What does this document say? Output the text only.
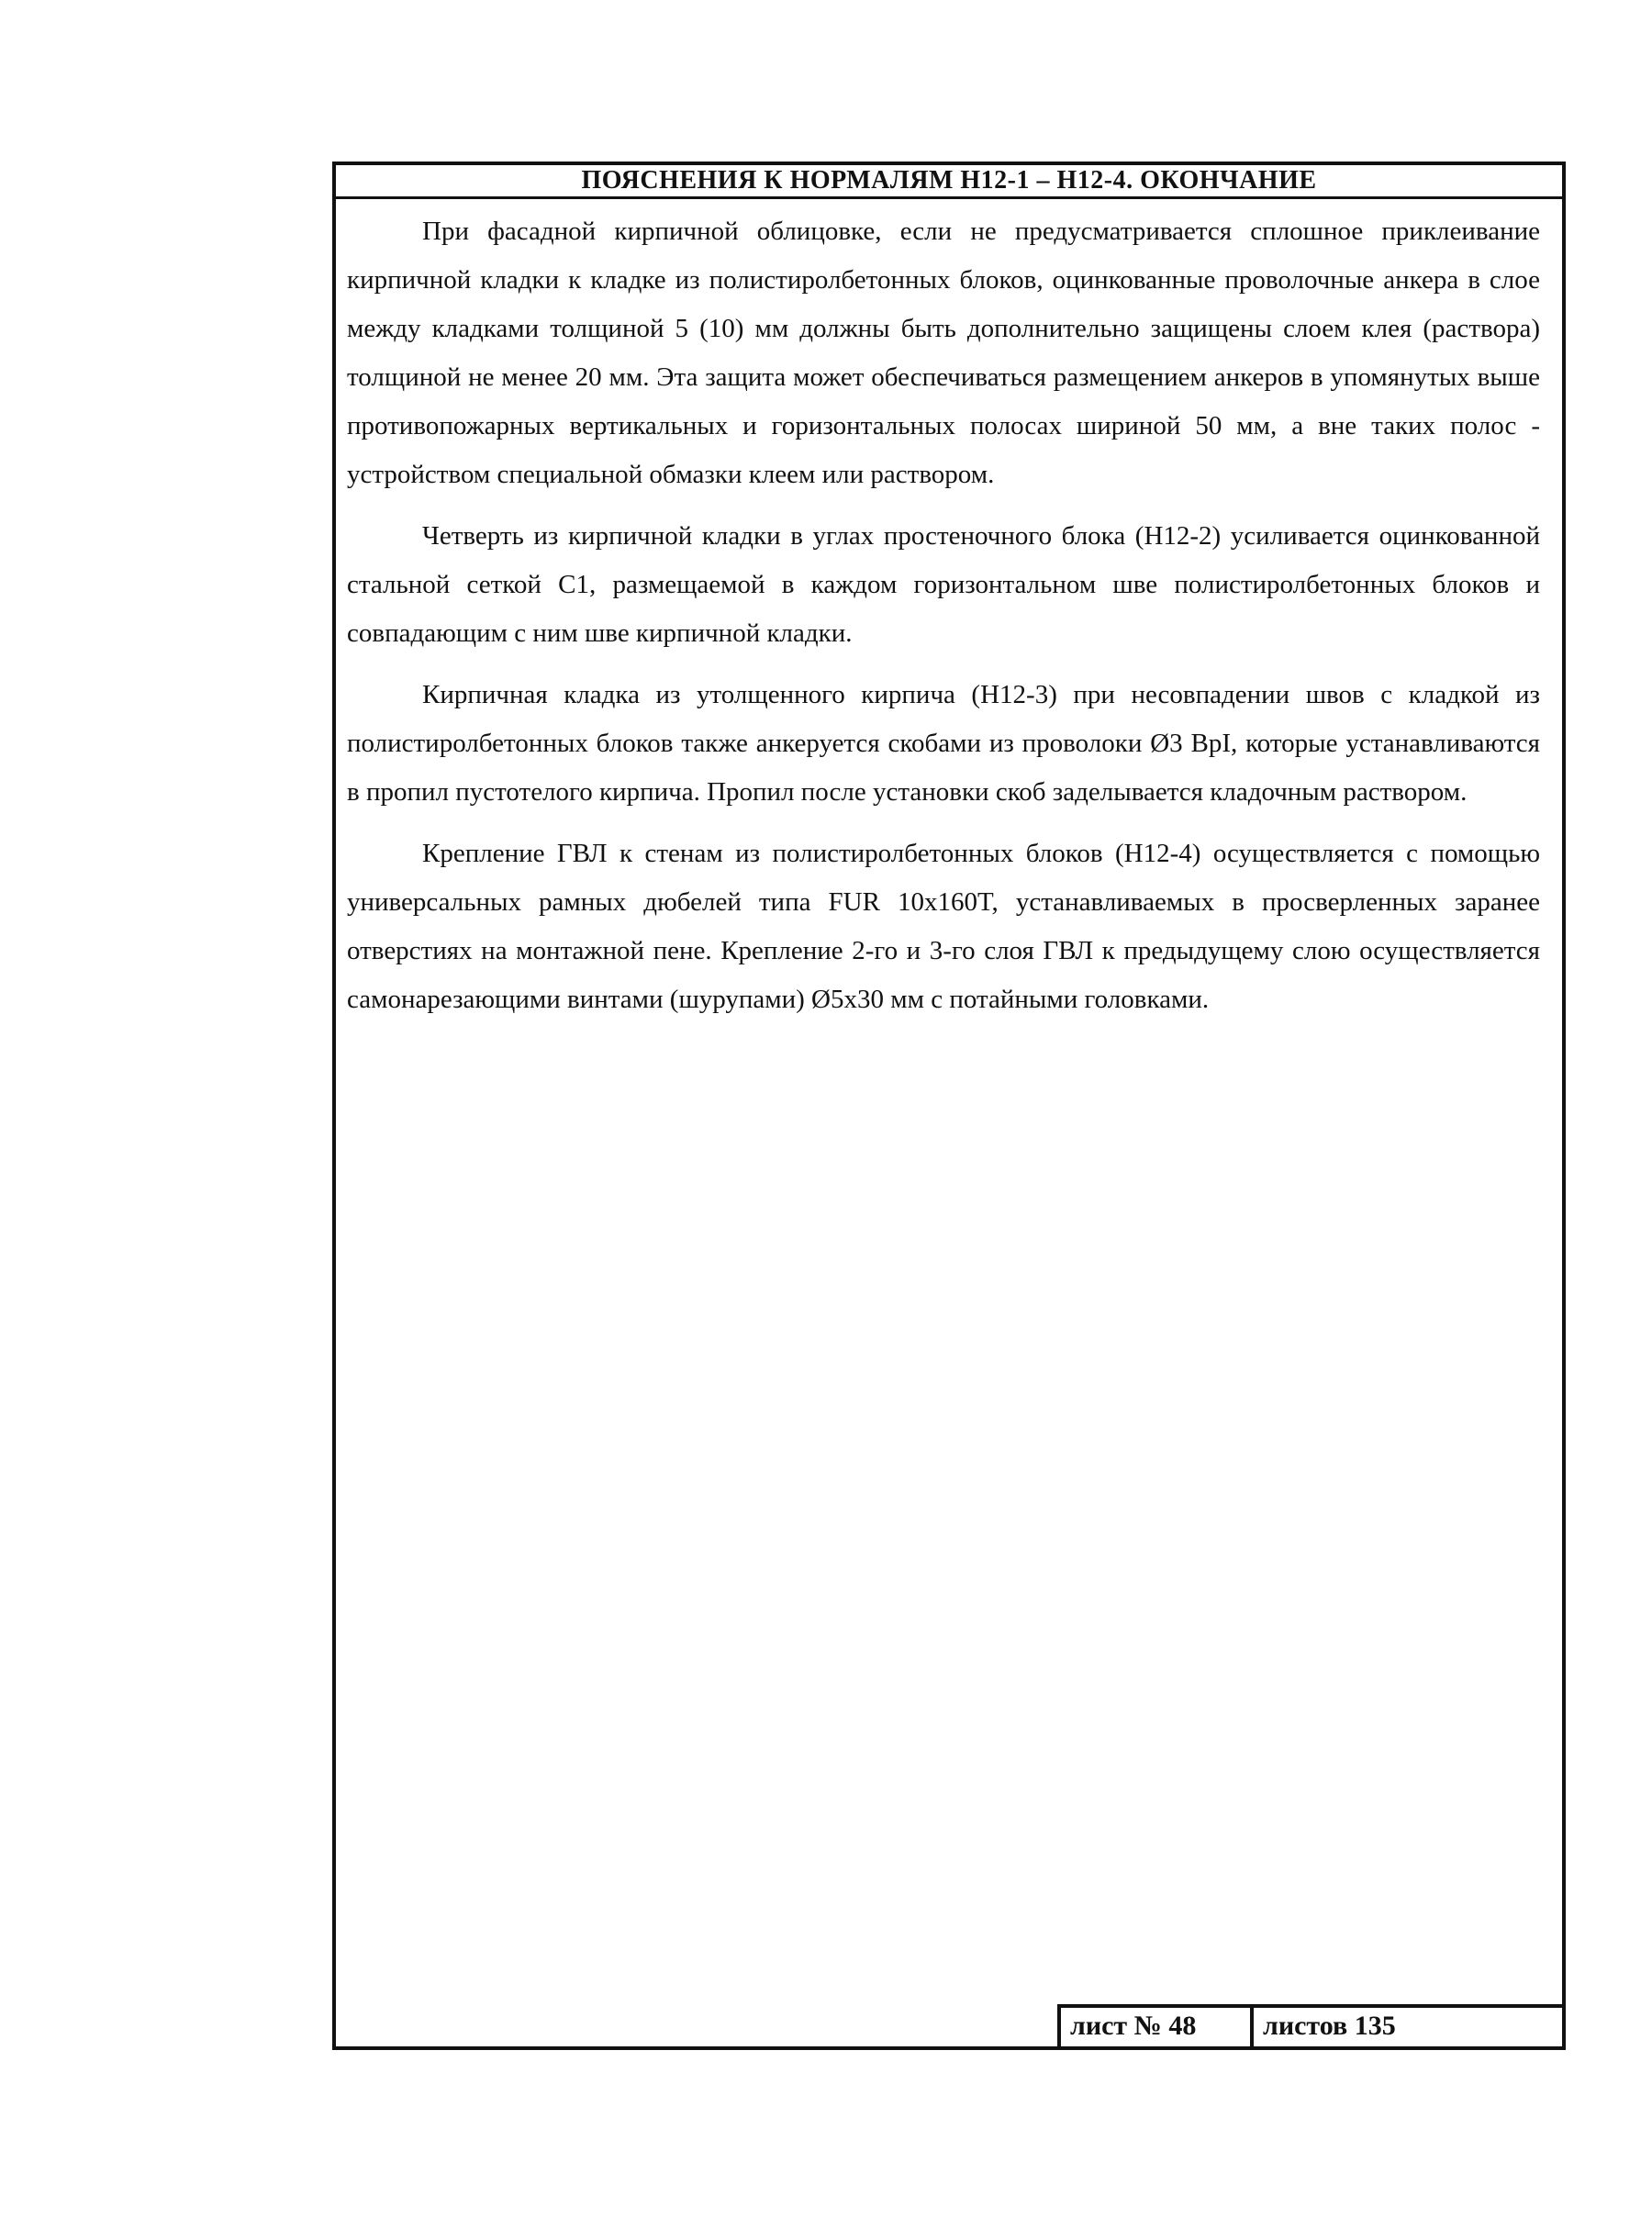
ПОЯСНЕНИЯ К НОРМАЛЯМ Н12-1 – Н12-4. ОКОНЧАНИЕ

При фасадной кирпичной облицовке, если не предусматривается сплошное приклеивание кирпичной кладки к кладке из полистиролбетонных блоков, оцинкованные проволочные анкера в слое между кладками толщиной 5 (10) мм должны быть дополнительно защищены слоем клея (раствора) толщиной не менее 20 мм. Эта защита может обеспечиваться размещением анкеров в упомянутых выше противопожарных вертикальных и горизонтальных полосах шириной 50 мм, а вне таких полос - устройством специальной обмазки клеем или раствором.

Четверть из кирпичной кладки в углах простеночного блока (Н12-2) усиливается оцинкованной стальной сеткой С1, размещаемой в каждом горизонтальном шве полистиролбетонных блоков и совпадающим с ним шве кирпичной кладки.

Кирпичная кладка из утолщенного кирпича (Н12-3) при несовпадении швов с кладкой из полистиролбетонных блоков также анкеруется скобами из проволоки Ø3 ВрI, которые устанавливаются в пропил пустотелого кирпича. Пропил после установки скоб заделывается кладочным раствором.

Крепление ГВЛ к стенам из полистиролбетонных блоков (Н12-4) осуществляется с помощью универсальных рамных дюбелей типа FUR 10x160T, устанавливаемых в просверленных заранее отверстиях на монтажной пене. Крепление 2-го и 3-го слоя ГВЛ к предыдущему слою осуществляется самонарезающими винтами (шурупами) Ø5x30 мм с потайными головками.

лист № 48	листов 135
